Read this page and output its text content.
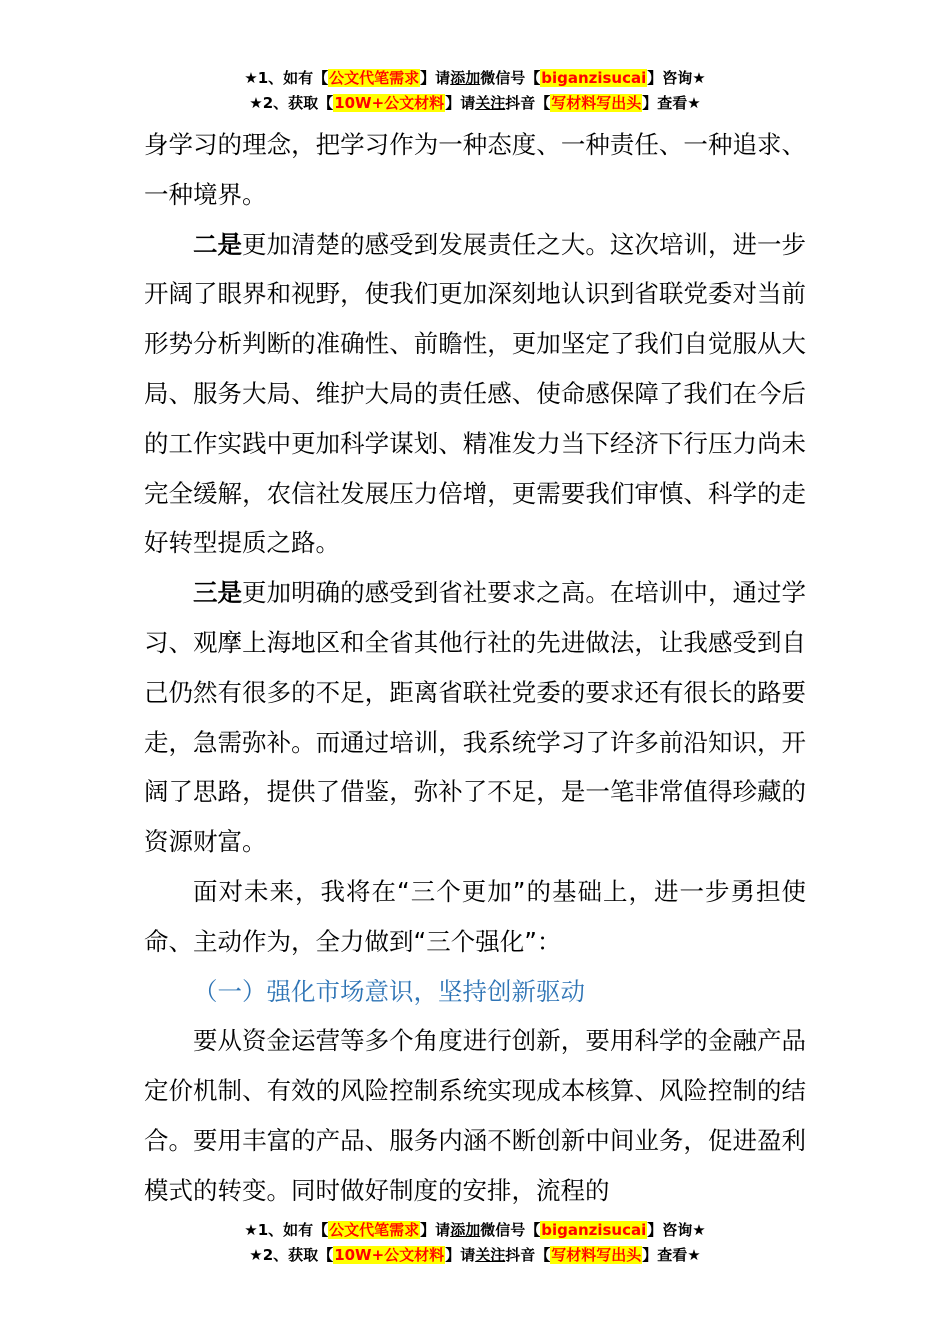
★1、如有【公文代笔需求】请添加微信号【biganzisucai】咨询★
★2、获取【10W+公文材料】请关注抖音【写材料写出头】查看★

身学习的理念，把学习作为一种态度、一种责任、一种追求、一种境界。

二是更加清楚的感受到发展责任之大。这次培训，进一步开阔了眼界和视野，使我们更加深刻地认识到省联党委对当前形势分析判断的准确性、前瞻性，更加坚定了我们自觉服从大局、服务大局、维护大局的责任感、使命感保障了我们在今后的工作实践中更加科学谋划、精准发力当下经济下行压力尚未完全缓解，农信社发展压力倍增，更需要我们审慎、科学的走好转型提质之路。

三是更加明确的感受到省社要求之高。在培训中，通过学习、观摩上海地区和全省其他行社的先进做法，让我感受到自己仍然有很多的不足，距离省联社党委的要求还有很长的路要走，急需弥补。而通过培训，我系统学习了许多前沿知识，开阔了思路，提供了借鉴，弥补了不足，是一笔非常值得珍藏的资源财富。

面对未来，我将在“三个更加”的基础上，进一步勇担使命、主动作为，全力做到“三个强化”：

（一）强化市场意识，坚持创新驱动

要从资金运营等多个角度进行创新，要用科学的金融产品定价机制、有效的风险控制系统实现成本核算、风险控制的结合。要用丰富的产品、服务内涵不断创新中间业务，促进盈利模式的转变。同时做好制度的安排，流程的

★1、如有【公文代笔需求】请添加微信号【biganzisucai】咨询★
★2、获取【10W+公文材料】请关注抖音【写材料写出头】查看★
